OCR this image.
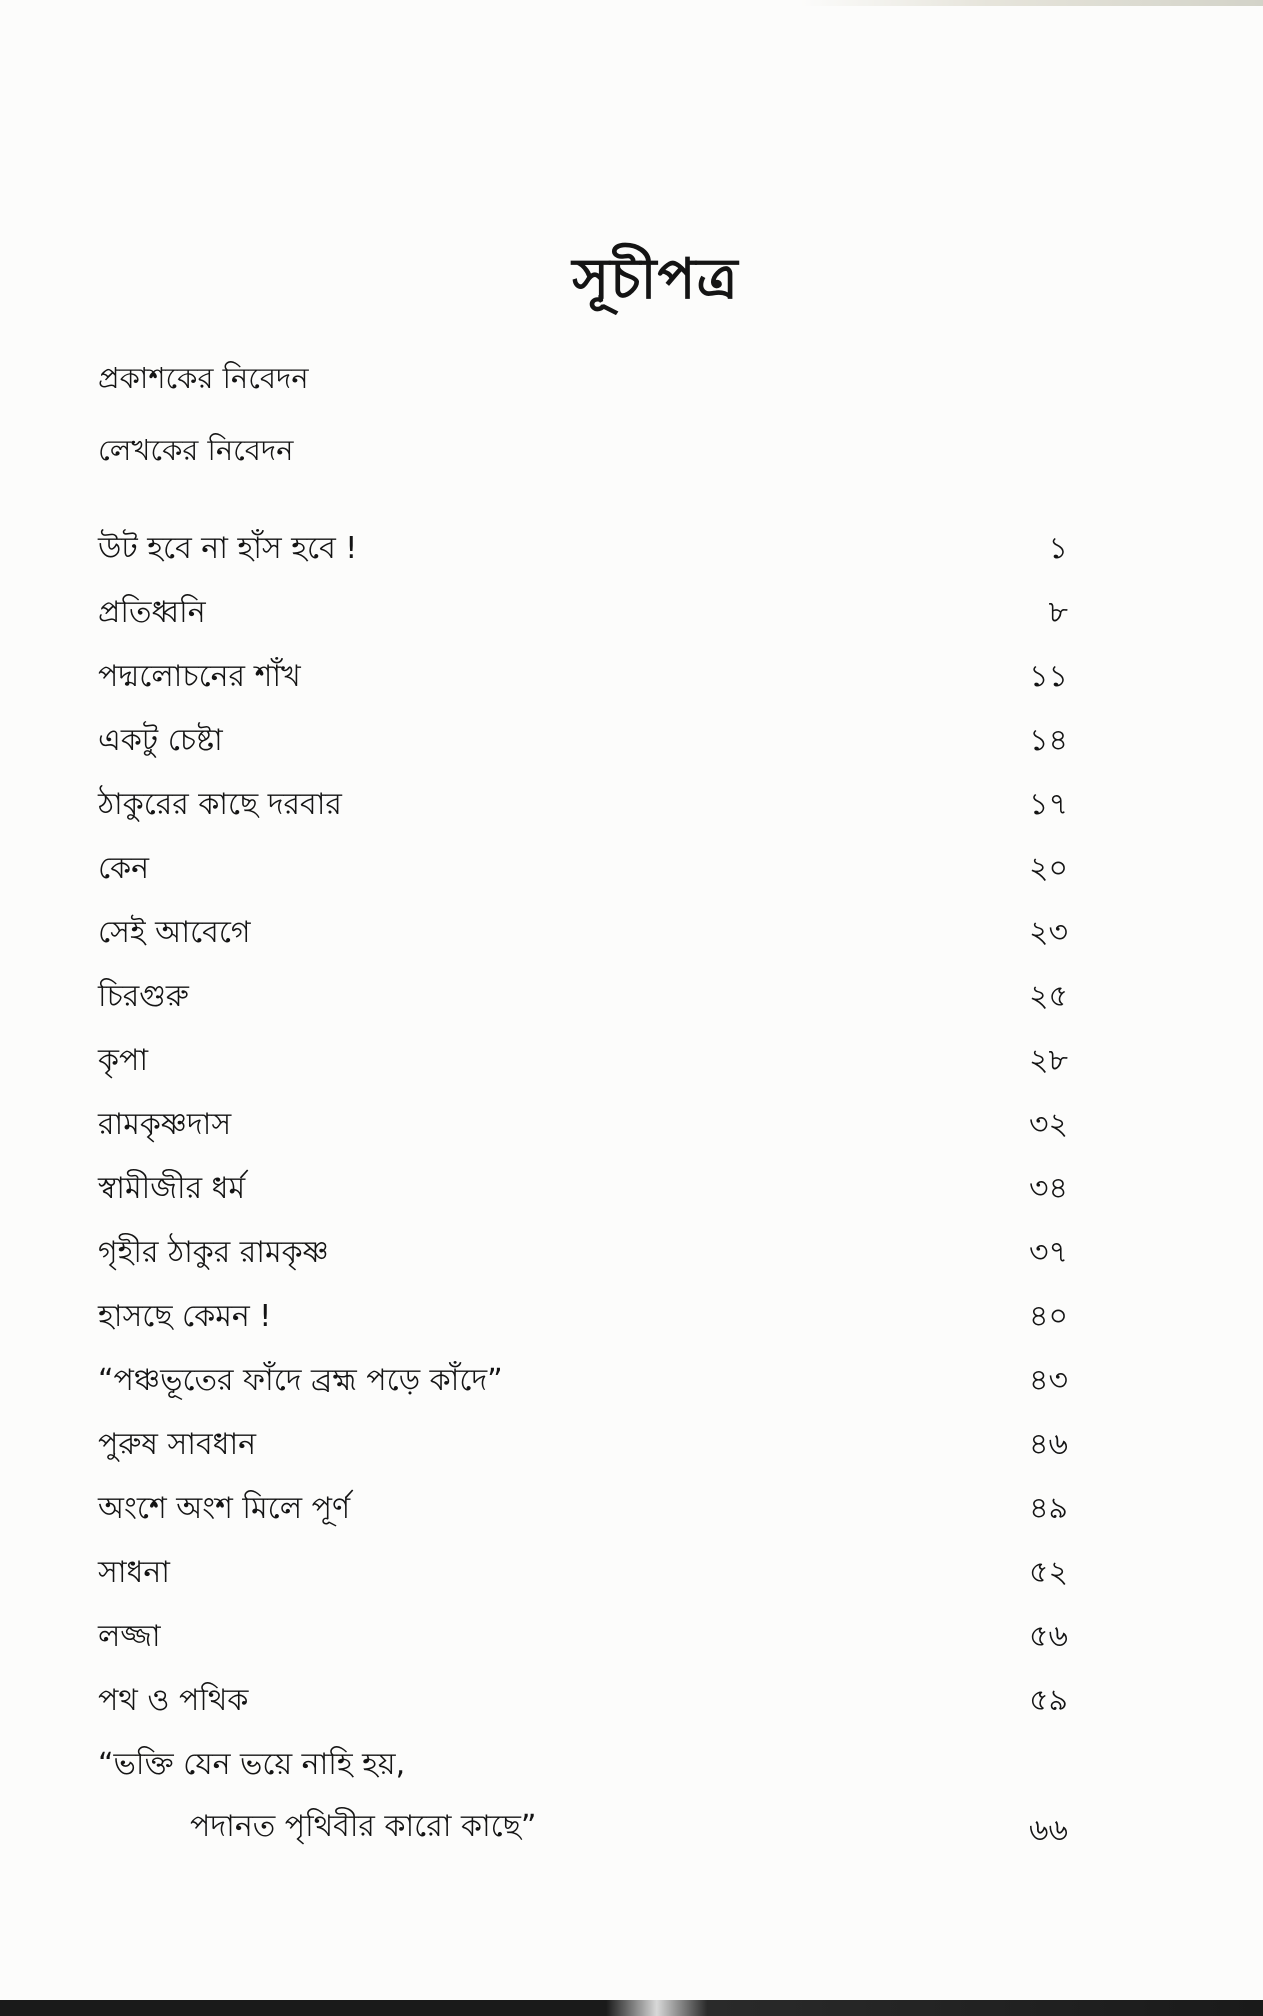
সূচীপত্র
প্রকাশকের নিবেদন
লেখকের নিবেদন
উট হবে না হাঁস হবে !	১
প্রতিধ্বনি	৮
পদ্মলোচনের শাঁখ	১১
একটু চেষ্টা	১৪
ঠাকুরের কাছে দরবার	১৭
কেন	২০
সেই আবেগে	২৩
চিরগুরু	২৫
কৃপা	২৮
রামকৃষ্ণদাস	৩২
স্বামীজীর ধর্ম	৩৪
গৃহীর ঠাকুর রামকৃষ্ণ	৩৭
হাসছে কেমন !	৪০
“পঞ্চভূতের ফাঁদে ব্রহ্ম পড়ে কাঁদে”	৪৩
পুরুষ সাবধান	৪৬
অংশে অংশ মিলে পূর্ণ	৪৯
সাধনা	৫২
লজ্জা	৫৬
পথ ও পথিক	৫৯
“ভক্তি যেন ভয়ে নাহি হয়,
পদানত পৃথিবীর কারো কাছে”	৬৬
